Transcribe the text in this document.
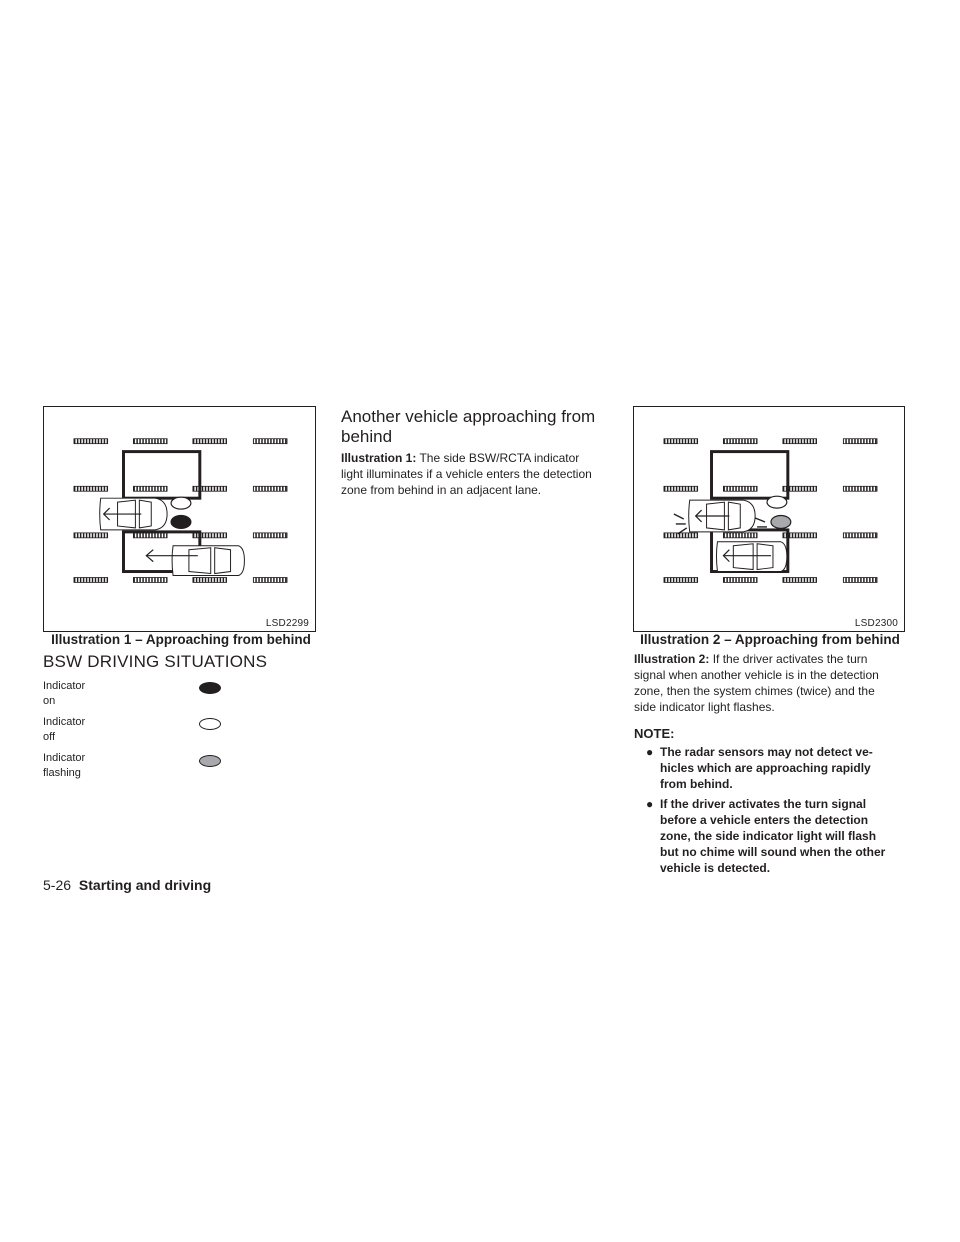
LSD2299
Illustration 1 – Approaching from behind
BSW DRIVING SITUATIONS
Indicator
on
Indicator
off
Indicator
flashing
Another vehicle approaching from
behind
Illustration 1: The side BSW/RCTA indicator
light illuminates if a vehicle enters the detection
zone from behind in an adjacent lane.
LSD2300
Illustration 2 – Approaching from behind
Illustration 2: If the driver activates the turn
signal when another vehicle is in the detection
zone, then the system chimes (twice) and the
side indicator light flashes.
NOTE:
● The radar sensors may not detect ve-
hicles which are approaching rapidly
from behind.
● If the driver activates the turn signal
before a vehicle enters the detection
zone, the side indicator light will flash
but no chime will sound when the other
vehicle is detected.
5-26 Starting and driving
